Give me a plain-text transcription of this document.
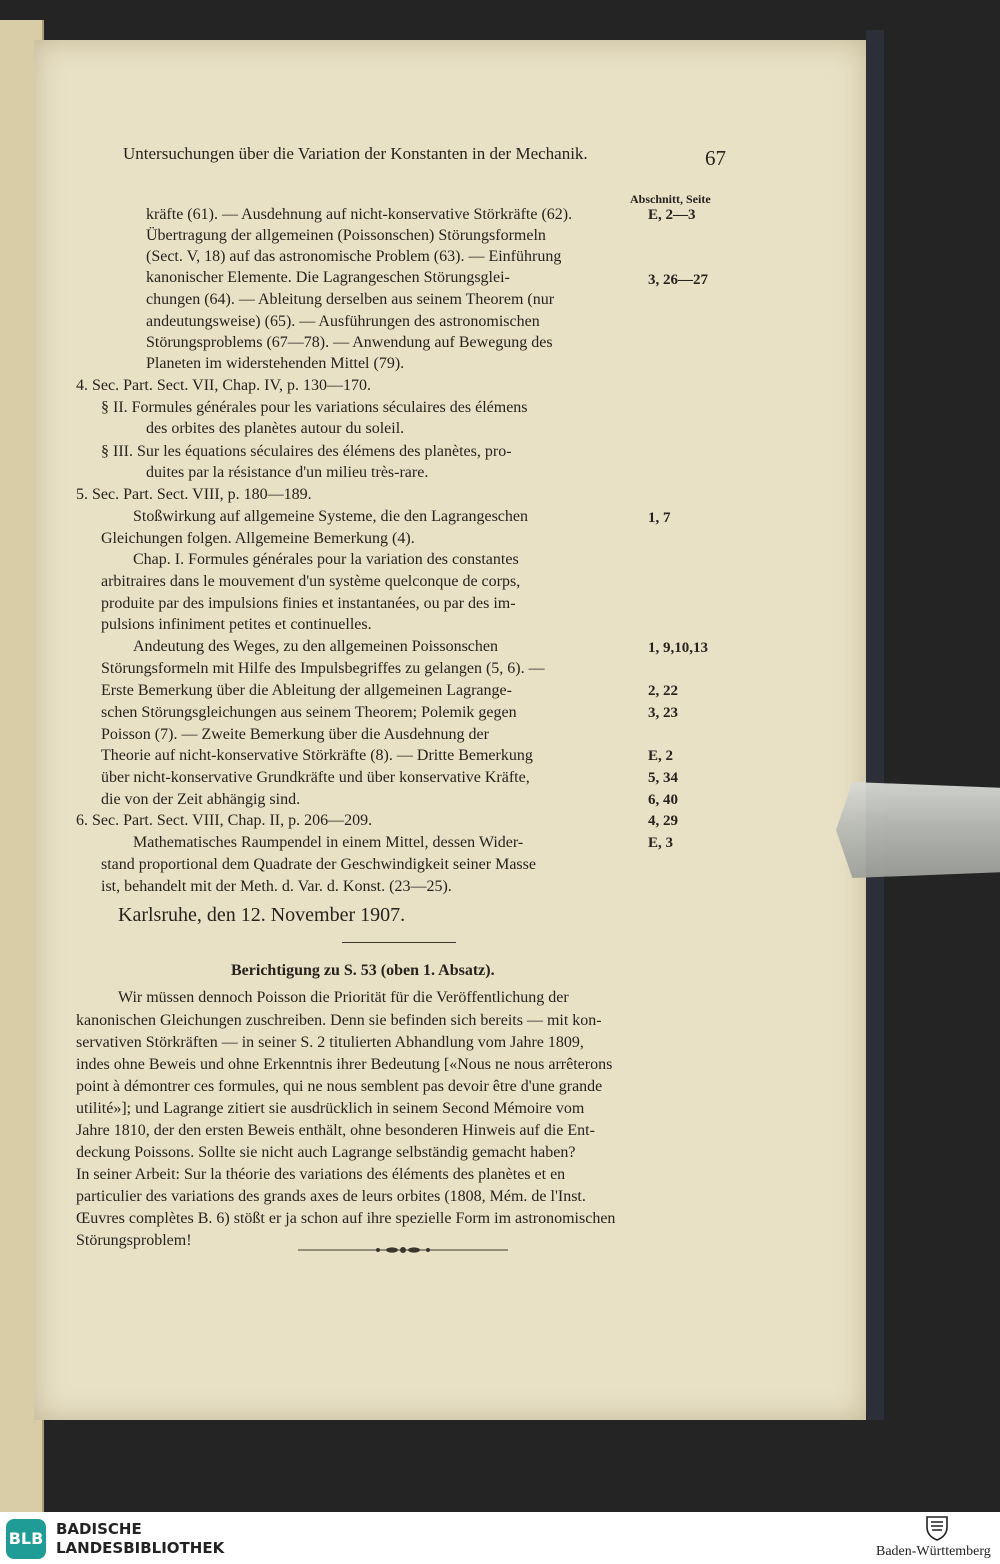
Untersuchungen über die Variation der Konstanten in der Mechanik.	67
Abschnitt, Seite
kräfte (61). — Ausdehnung auf nicht-konservative Störkräfte (62).	E, 2—3
Übertragung der allgemeinen (Poissonschen) Störungsformeln
(Sect. V, 18) auf das astronomische Problem (63). — Einführung
kanonischer Elemente. Die Lagrangeschen Störungsglei-	3, 26—27
chungen (64). — Ableitung derselben aus seinem Theorem (nur
andeutungsweise) (65). — Ausführungen des astronomischen
Störungsproblems (67—78). — Anwendung auf Bewegung des
Planeten im widerstehenden Mittel (79).
4. Sec. Part. Sect. VII, Chap. IV, p. 130—170.
§ II. Formules générales pour les variations séculaires des élémens
des orbites des planètes autour du soleil.
§ III. Sur les équations séculaires des élémens des planètes, pro-
duites par la résistance d'un milieu très-rare.
5. Sec. Part. Sect. VIII, p. 180—189.
Stoßwirkung auf allgemeine Systeme, die den Lagrangeschen	1, 7
Gleichungen folgen. Allgemeine Bemerkung (4).
Chap. I. Formules générales pour la variation des constantes
arbitraires dans le mouvement d'un système quelconque de corps,
produite par des impulsions finies et instantanées, ou par des im-
pulsions infiniment petites et continuelles.
Andeutung des Weges, zu den allgemeinen Poissonschen	1, 9,10,13
Störungsformeln mit Hilfe des Impulsbegriffes zu gelangen (5, 6). —
Erste Bemerkung über die Ableitung der allgemeinen Lagrange-	2, 22
schen Störungsgleichungen aus seinem Theorem; Polemik gegen	3, 23
Poisson (7). — Zweite Bemerkung über die Ausdehnung der
Theorie auf nicht-konservative Störkräfte (8). — Dritte Bemerkung	E, 2
über nicht-konservative Grundkräfte und über konservative Kräfte,	5, 34
die von der Zeit abhängig sind.	6, 40
6. Sec. Part. Sect. VIII, Chap. II, p. 206—209.	4, 29
Mathematisches Raumpendel in einem Mittel, dessen Wider-	E, 3
stand proportional dem Quadrate der Geschwindigkeit seiner Masse
ist, behandelt mit der Meth. d. Var. d. Konst. (23—25).
Karlsruhe, den 12. November 1907.
Berichtigung zu S. 53 (oben 1. Absatz).
Wir müssen dennoch Poisson die Priorität für die Veröffentlichung der
kanonischen Gleichungen zuschreiben. Denn sie befinden sich bereits — mit kon-
servativen Störkräften — in seiner S. 2 titulierten Abhandlung vom Jahre 1809,
indes ohne Beweis und ohne Erkenntnis ihrer Bedeutung [«Nous ne nous arrêterons
point à démontrer ces formules, qui ne nous semblent pas devoir être d'une grande
utilité»]; und Lagrange zitiert sie ausdrücklich in seinem Second Mémoire vom
Jahre 1810, der den ersten Beweis enthält, ohne besonderen Hinweis auf die Ent-
deckung Poissons. Sollte sie nicht auch Lagrange selbständig gemacht haben?
In seiner Arbeit: Sur la théorie des variations des éléments des planètes et en
particulier des variations des grands axes de leurs orbites (1808, Mém. de l'Inst.
Œuvres complètes B. 6) stößt er ja schon auf ihre spezielle Form im astronomischen
Störungsproblem!
BLB BADISCHE
LANDESBIBLIOTHEK	Baden-Württemberg
